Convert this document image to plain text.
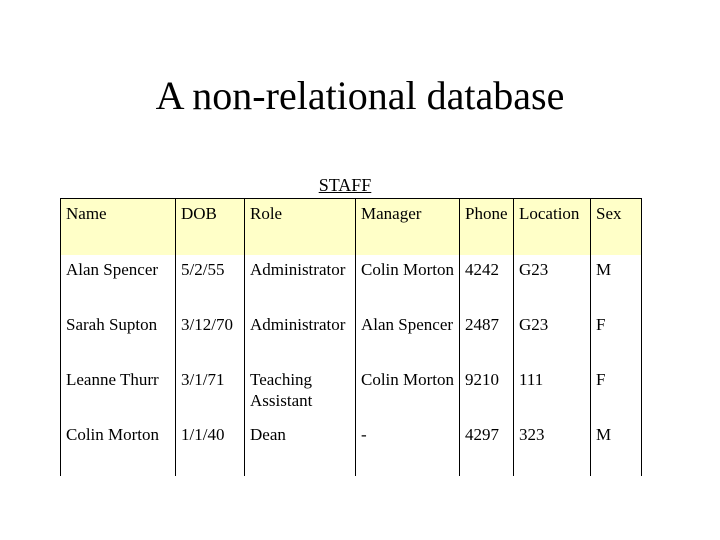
A non-relational database
STAFF
Name	DOB	Role	Manager	Phone	Location	Sex
Alan Spencer	5/2/55	Administrator	Colin Morton	4242	G23	M
Sarah Supton	3/12/70	Administrator	Alan Spencer	2487	G23	F
Leanne Thurr	3/1/71	Teaching Assistant	Colin Morton	9210	111	F
Colin Morton	1/1/40	Dean	-	4297	323	M
